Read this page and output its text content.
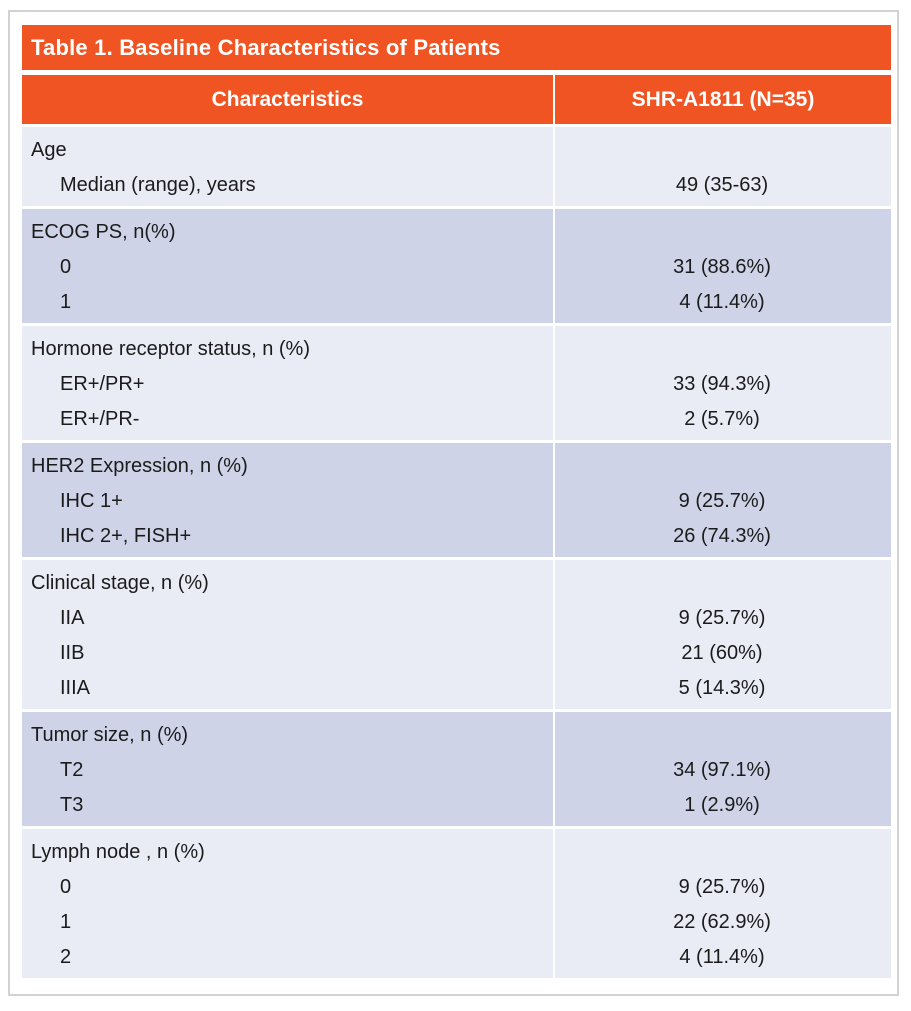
Table 1. Baseline Characteristics of Patients
Characteristics	SHR-A1811 (N=35)
Age
Median (range), years	49 (35-63)
ECOG PS, n(%)
0	31 (88.6%)
1	4 (11.4%)
Hormone receptor status, n (%)
ER+/PR+	33 (94.3%)
ER+/PR-	2 (5.7%)
HER2 Expression, n (%)
IHC 1+	9 (25.7%)
IHC 2+, FISH+	26 (74.3%)
Clinical stage, n (%)
IIA	9 (25.7%)
IIB	21 (60%)
IIIA	5 (14.3%)
Tumor size, n (%)
T2	34 (97.1%)
T3	1 (2.9%)
Lymph node , n (%)
0	9 (25.7%)
1	22 (62.9%)
2	4 (11.4%)
